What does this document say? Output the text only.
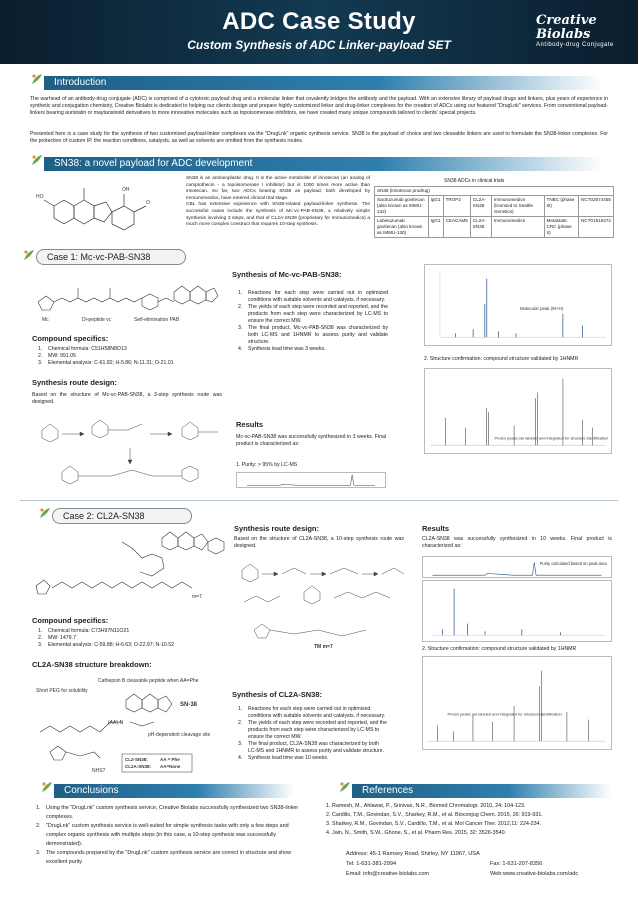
ADC Case Study
Custom Synthesis of ADC Linker-payload SET
Creative
Biolabs
Antibody-drug Conjugate
Introduction
The warhead of an antibody-drug conjugate (ADC) is comprised of a cytotoxic payload drug and a molecular linker that covalently bridges the antibody and the payload. With an extensive library of payload drugs and linkers, plus years of experience in synthetic and conjugation chemistry, Creative Biolabs is dedicated to helping our clients design and prepare highly customized linker and drug-linker complexes for the creation of ADCs using our featured "DrugLnk" services. From conventional payload-linkers bearing auristatin or maytansinoid derivatives to more innovative molecules such as topoisomerase inhibitors, we have created many unique compounds tailored to clients' special projects.
Presented here is a case study for the synthesis of two customized payload-linker complexes via the "DrugLnk" organic synthesis service. SN38 is the payload of choice and two cleavable linkers are used to formulate the SN38-linker complexes. For the protection of custom IP, the reaction conditions, catalysts, as well as solvents are omitted from the synthesis routes.
SN38: a novel payload for ADC development
HO
O
OH
SN38 is an antineoplastic drug. It is the active metabolite of irinotecan (an analog of camptothecin - a topoisomerase I inhibitor) but is 1000 times more active than irinotecan. So far, two ADCs bearing SN38 as payload, both developed by Immunomedics, have entered clinical trial stage.
CBL has extensive experience with SN38-related payload-linker synthesis. The successful cases include the synthesis of Mc-vc-PAB-SN38, a relatively simple synthesis involving 3 steps, and that of CL2A-SN38 (proprietary for Immunomedics) a much more complex construct that requires 10-step synthesis.
SN38 ADCs in clinical trials
SN38 (irinotecan prodrug)						
Sacituzumab govitecan (also known as IMMU-132)	IgG1	TROP2	CL2A-SN38	Immunomedics (licensed to Seattle Genetics)	TNBC (phase III)	NCT02574455
Labetuzumab govitecan (also known as IMMU-130)	IgG1	CEACAM5	CL2A-SN38	Immunomedics	Metastatic CRC (phase II)	NCT01915472
Case 1: Mc-vc-PAB-SN38
Mc	Di-peptide vc	Self-elimination PAB
Compound specifics:
1.	Chemical formula: C51H58N8O13
2.	MW: 991.05
3.	Elemental analysis: C-61.82; H-5.86; N-11.31; O-21.01
Synthesis route design:
Based on the structure of Mc-vc-PAB-SN38, a 3-step synthesis route was designed.
Synthesis of Mc-vc-PAB-SN38:
1.	Reactions for each step were carried out in optimized conditions with suitable solvents and catalysts, if necessary.
2.	The yields of each step were recorded and reported, and the products from each step were characterized by LC-MS to ensure the correct MW.
3.	The final product, Mc-vc-PAB-SN38 was characterized by both LC-MS and 1HNMR to assess purity and validate structure.
4.	Synthesis lead time was 3 weeks.
Results
Mc-vc-PAB-SN38 was successfully synthesized in 3 weeks. Final product is characterized as:
1. Purity: > 95% by LC-MS
Molecular peak (M+H)
2. Structure confirmation: compound structure validated by 1HNMR
Proton peaks are labeled and integrated for structure identification
Case 2: CL2A-SN38
m=7
Compound specifics:
1.	Chemical formula: C73H97N11O21
2.	MW: 1479.7
3.	Elemental analysis: C-59.88; H-6.63; O-22.97; N-10.52
CL2A-SN38 structure breakdown:
Short PEG for solubility
Cathepsin B cleavable peptide when AA=Phe
(AA)-N
SN-38
pH-dependent cleavage site
NHS?
CL2-SN38:
CL2A-SN38:
AA = Phe
AA=None
Synthesis route design:
Based on the structure of CL2A-SN38, a 10-step synthesis route was designed.
TM m=7
Synthesis of CL2A-SN38:
1.	Reactions for each step were carried out in optimized conditions with suitable solvents and catalysts, if necessary.
2.	The yields of each step were recorded and reported, and the products from each step were characterized by LC-MS to ensure the correct MW.
3.	The final product, CL2A-SN38 was characterized by both LC-MS and 1HNMR to assess purity and validate structure.
4.	Synthesis lead time was 10 weeks.
Results
CL2A-SN38 was successfully synthesized in 10 weeks. Final product is characterized as:
Purity calculated based on peak area
2. Structure confirmation: compound structure validated by 1HNMR
Proton peaks are labeled and integrated for structure identification
Conclusions
1.	Using the "DrugLnk" custom synthesis service, Creative Biolabs successfully synthesized two SN38-linker complexes.
2.	"DrugLnk" custom synthesis service is well-suited for simple synthesis tasks with only a few steps and complex organic synthesis with multiple steps (in this case, a 10-step synthesis was successfully demonstrated).
3.	The compounds prepared by the "DrugLnk" custom synthesis service are correct in structure and show excellent purity.
References
1. Ramesh, M., Ahlawat, P., Srinivas, N.R., Biomed Chromatogr. 2010, 24: 104-123.
2. Cardillo, T.M., Govindan, S.V., Sharkey, R.M., et al. Bioconjug Chem. 2015, 26: 919-931.
3. Sharkey, R.M., Govindan, S.V., Cardillo, T.M., et al. Mol Cancer Ther. 2012,11: 224-234.
4. Jain, N., Smith, S.W., Ghone, S., et al. Pharm Res. 2015, 32: 3526-3540.
Address: 45-1 Ramsey Road, Shirley, NY 11967, USA
Tel: 1-631-381-2994	Fax: 1-631-207-8356
Email: info@creative-biolabs.com	Web:www.creative-biolabs.com/adc
